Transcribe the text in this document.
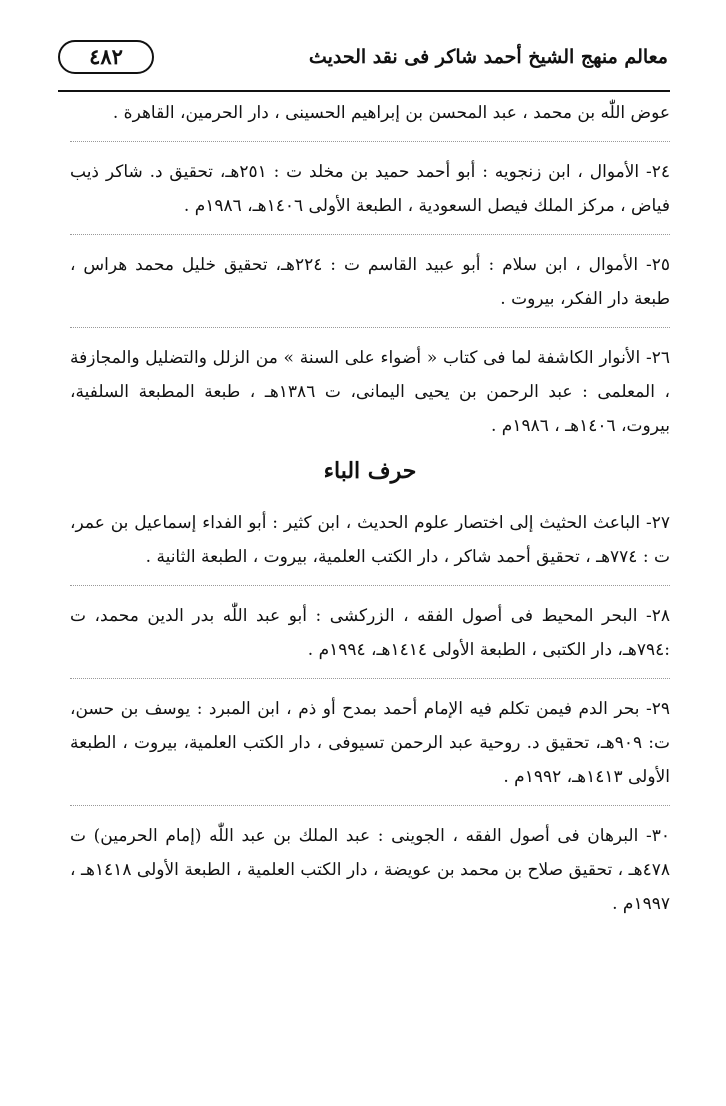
٤٨٢	معالم منهج الشيخ أحمد شاكر فى نقد الحديث

عوض اللّٰه بن محمد ، عبد المحسن بن إبراهيم الحسينى ، دار الحرمين، القاهرة .

٢٤- الأموال ، ابن زنجويه : أبو أحمد حميد بن مخلد ت : ٢٥١هـ، تحقيق د. شاكر ذيب فياض ، مركز الملك فيصل السعودية ، الطبعة الأولى ١٤٠٦هـ، ١٩٨٦م .

٢٥- الأموال ، ابن سلام : أبو عبيد القاسم ت : ٢٢٤هـ، تحقيق خليل محمد هراس ، طبعة دار الفكر، بيروت .

٢٦- الأنوار الكاشفة لما فى كتاب « أضواء على السنة » من الزلل والتضليل والمجازفة ، المعلمى : عبد الرحمن بن يحيى اليمانى، ت ١٣٨٦هـ ، طبعة المطبعة السلفية، بيروت، ١٤٠٦هـ ، ١٩٨٦م .

حرف الباء

٢٧- الباعث الحثيث إلى اختصار علوم الحديث ، ابن كثير : أبو الفداء إسماعيل بن عمر، ت : ٧٧٤هـ ، تحقيق أحمد شاكر ، دار الكتب العلمية، بيروت ، الطبعة الثانية .

٢٨- البحر المحيط فى أصول الفقه ، الزركشى : أبو عبد اللّٰه بدر الدين محمد، ت :٧٩٤هـ، دار الكتبى ، الطبعة الأولى ١٤١٤هـ، ١٩٩٤م .

٢٩- بحر الدم فيمن تكلم فيه الإمام أحمد بمدح أو ذم ، ابن المبرد : يوسف بن حسن، ت: ٩٠٩هـ، تحقيق د. روحية عبد الرحمن تسيوفى ، دار الكتب العلمية، بيروت ، الطبعة الأولى ١٤١٣هـ، ١٩٩٢م .

٣٠- البرهان فى أصول الفقه ، الجوينى : عبد الملك بن عبد اللّٰه (إمام الحرمين) ت ٤٧٨هـ ، تحقيق صلاح بن محمد بن عويضة ، دار الكتب العلمية ، الطبعة الأولى ١٤١٨هـ ، ١٩٩٧م .
